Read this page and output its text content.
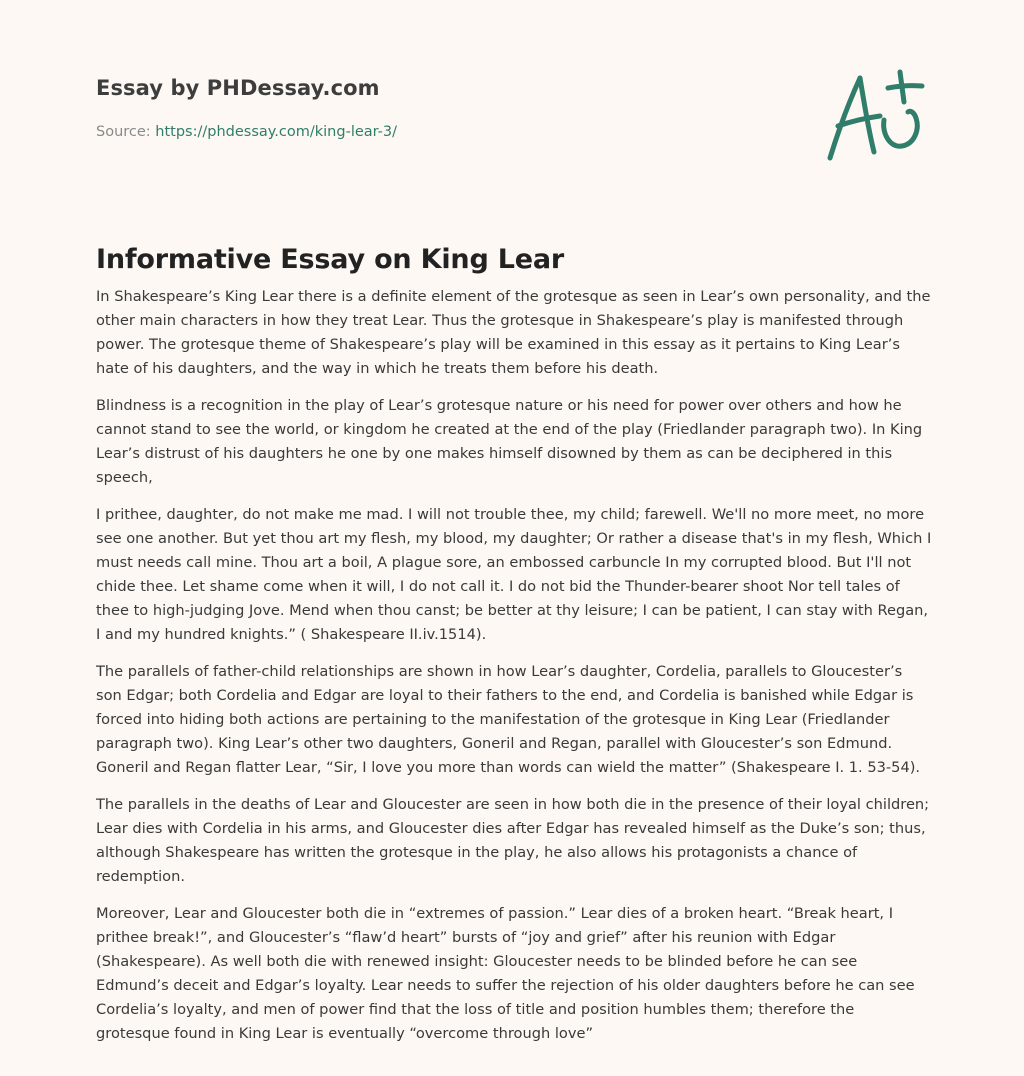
Essay by PHDessay.com
Source: https://phdessay.com/king-lear-3/
Informative Essay on King Lear

In Shakespeare’s King Lear there is a definite element of the grotesque as seen in Lear’s own personality, and the other main characters in how they treat Lear. Thus the grotesque in Shakespeare’s play is manifested through power. The grotesque theme of Shakespeare’s play will be examined in this essay as it pertains to King Lear’s hate of his daughters, and the way in which he treats them before his death.

Blindness is a recognition in the play of Lear’s grotesque nature or his need for power over others and how he cannot stand to see the world, or kingdom he created at the end of the play (Friedlander paragraph two). In King Lear’s distrust of his daughters he one by one makes himself disowned by them as can be deciphered in this speech,

I prithee, daughter, do not make me mad. I will not trouble thee, my child; farewell. We'll no more meet, no more see one another. But yet thou art my flesh, my blood, my daughter; Or rather a disease that's in my flesh, Which I must needs call mine. Thou art a boil, A plague sore, an embossed carbuncle In my corrupted blood. But I'll not chide thee. Let shame come when it will, I do not call it. I do not bid the Thunder-bearer shoot Nor tell tales of thee to high-judging Jove. Mend when thou canst; be better at thy leisure; I can be patient, I can stay with Regan, I and my hundred knights.” ( Shakespeare II.iv.1514).

The parallels of father-child relationships are shown in how Lear’s daughter, Cordelia, parallels to Gloucester’s son Edgar; both Cordelia and Edgar are loyal to their fathers to the end, and Cordelia is banished while Edgar is forced into hiding both actions are pertaining to the manifestation of the grotesque in King Lear (Friedlander paragraph two). King Lear’s other two daughters, Goneril and Regan, parallel with Gloucester’s son Edmund. Goneril and Regan flatter Lear, “Sir, I love you more than words can wield the matter” (Shakespeare I. 1. 53-54).

The parallels in the deaths of Lear and Gloucester are seen in how both die in the presence of their loyal children; Lear dies with Cordelia in his arms, and Gloucester dies after Edgar has revealed himself as the Duke’s son; thus, although Shakespeare has written the grotesque in the play, he also allows his protagonists a chance of redemption.

Moreover, Lear and Gloucester both die in “extremes of passion.” Lear dies of a broken heart. “Break heart, I prithee break!”, and Gloucester’s “flaw’d heart” bursts of “joy and grief” after his reunion with Edgar (Shakespeare). As well both die with renewed insight: Gloucester needs to be blinded before he can see Edmund’s deceit and Edgar’s loyalty. Lear needs to suffer the rejection of his older daughters before he can see Cordelia’s loyalty, and men of power find that the loss of title and position humbles them; therefore the grotesque found in King Lear is eventually “overcome through love”
